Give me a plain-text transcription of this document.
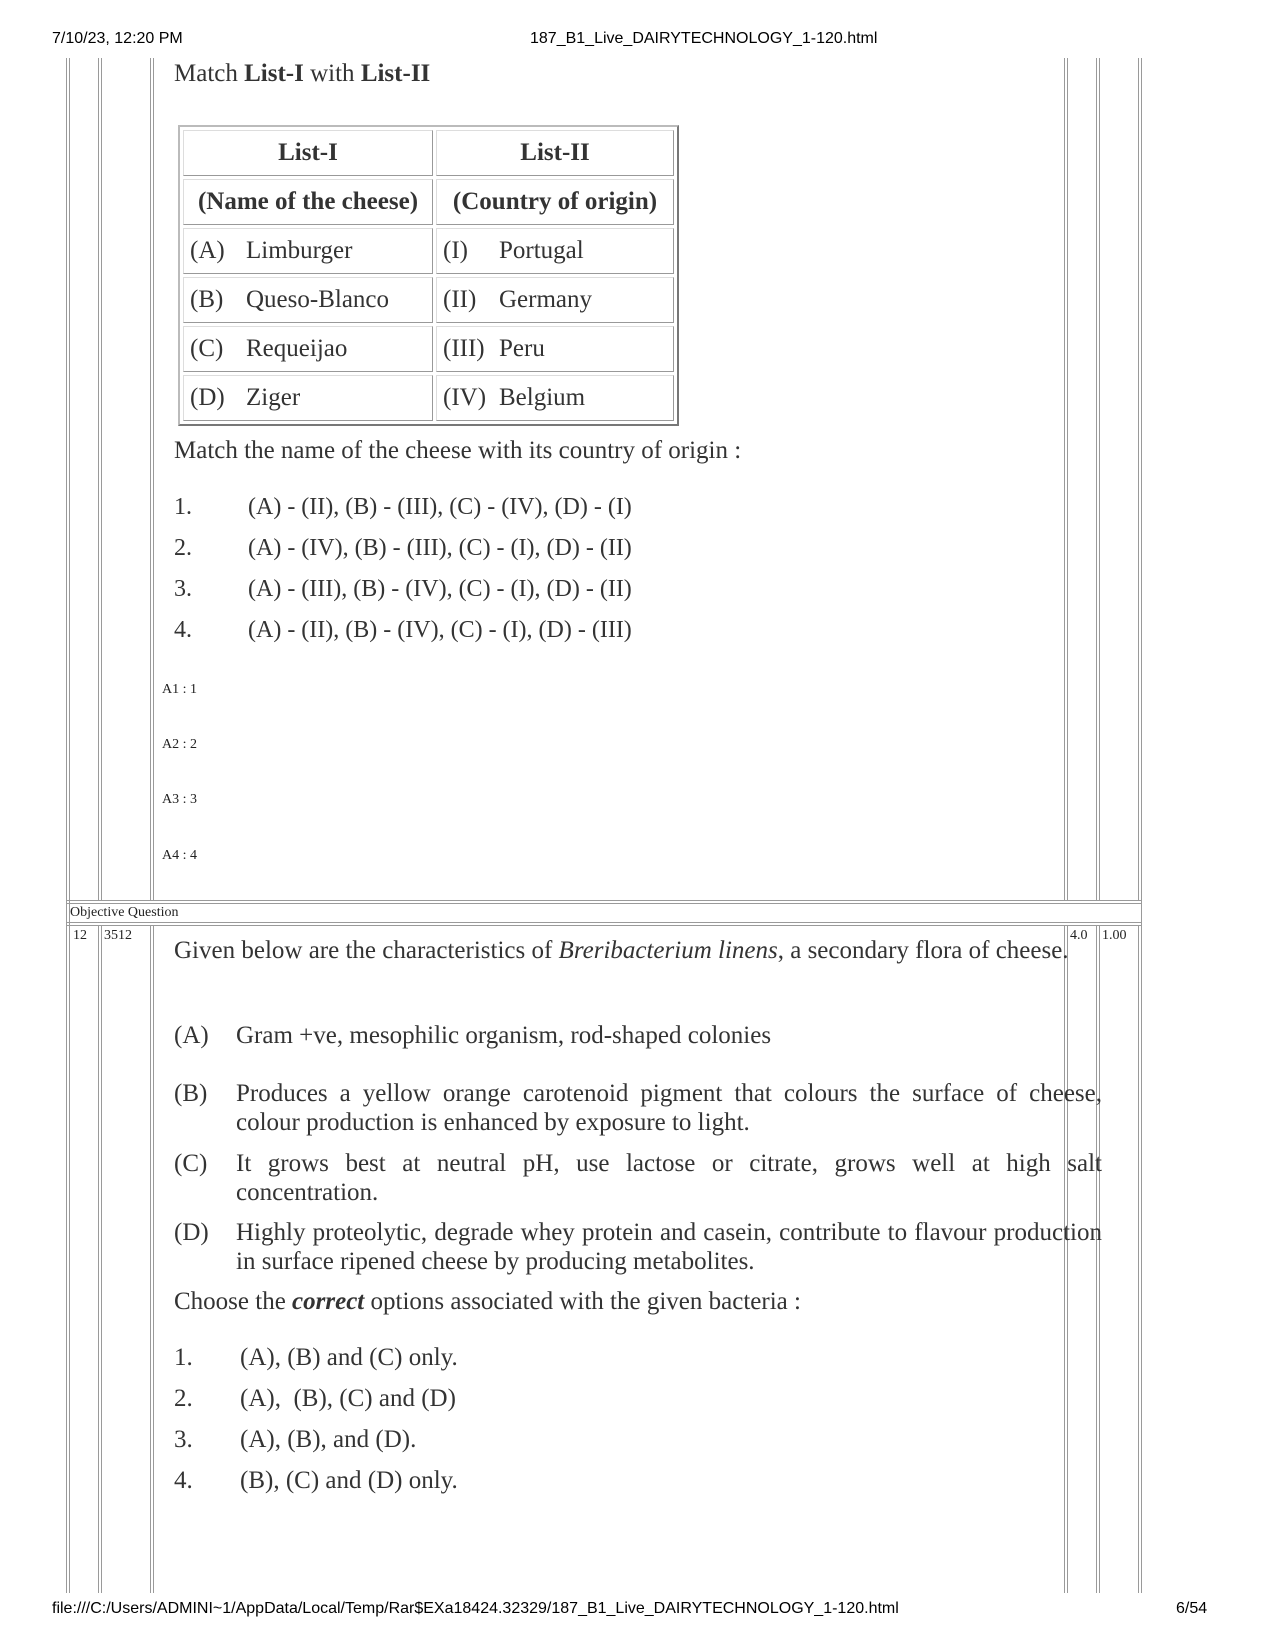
7/10/23, 12:20 PM	187_B1_Live_DAIRYTECHNOLOGY_1-120.html
Match List-I with List-II
List-I	List-II
(Name of the cheese)	(Country of origin)
(A) Limburger	(I) Portugal
(B) Queso-Blanco	(II) Germany
(C) Requeijao	(III) Peru
(D) Ziger	(IV) Belgium
Match the name of the cheese with its country of origin :
1. (A) - (II), (B) - (III), (C) - (IV), (D) - (I)
2. (A) - (IV), (B) - (III), (C) - (I), (D) - (II)
3. (A) - (III), (B) - (IV), (C) - (I), (D) - (II)
4. (A) - (II), (B) - (IV), (C) - (I), (D) - (III)
A1 : 1
A2 : 2
A3 : 3
A4 : 4
Objective Question
12 3512	4.0 1.00
Given below are the characteristics of Breribacterium linens, a secondary flora of cheese.
(A) Gram +ve, mesophilic organism, rod-shaped colonies
(B) Produces a yellow orange carotenoid pigment that colours the surface of cheese, colour production is enhanced by exposure to light.
(C) It grows best at neutral pH, use lactose or citrate, grows well at high salt concentration.
(D) Highly proteolytic, degrade whey protein and casein, contribute to flavour production in surface ripened cheese by producing metabolites.
Choose the correct options associated with the given bacteria :
1. (A), (B) and (C) only.
2. (A),  (B), (C) and (D)
3. (A), (B), and (D).
4. (B), (C) and (D) only.
file:///C:/Users/ADMINI~1/AppData/Local/Temp/Rar$EXa18424.32329/187_B1_Live_DAIRYTECHNOLOGY_1-120.html	6/54
